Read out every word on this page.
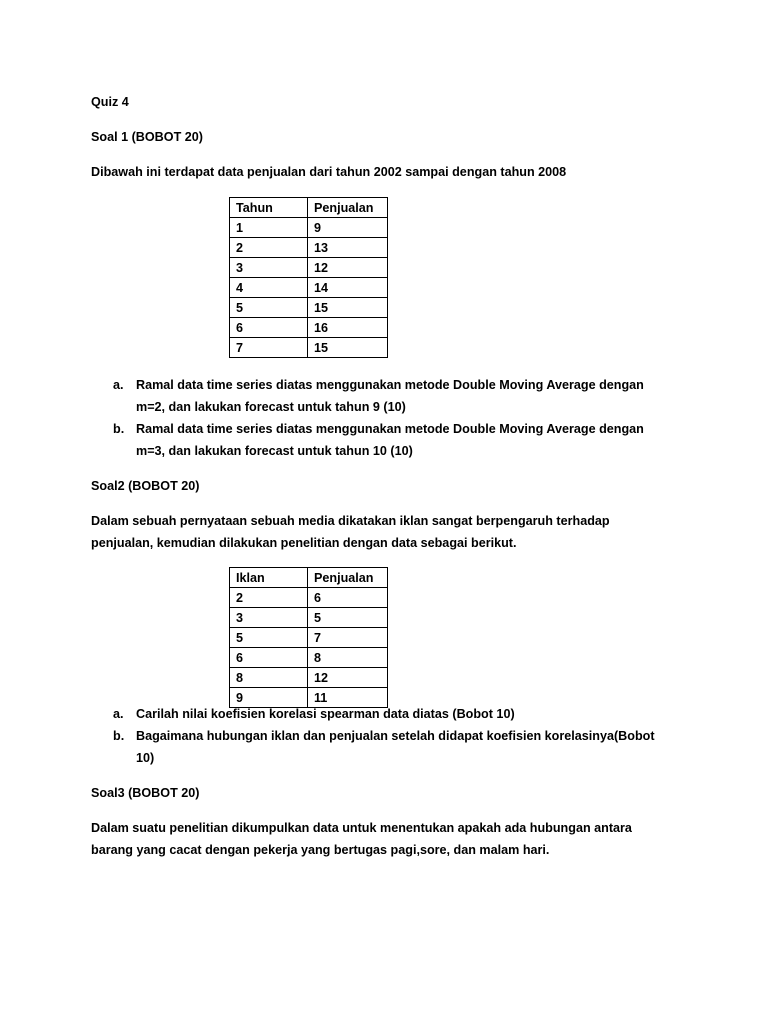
Quiz 4
Soal 1 (BOBOT 20)
Dibawah ini terdapat data penjualan dari tahun 2002 sampai dengan tahun 2008
Tahun	Penjualan
1	9
2	13
3	12
4	14
5	15
6	16
7	15
a. Ramal data time series diatas menggunakan metode Double Moving Average dengan
m=2, dan lakukan forecast untuk tahun 9 (10)
b. Ramal data time series diatas menggunakan metode Double Moving Average dengan
m=3, dan lakukan forecast untuk tahun 10 (10)
Soal2 (BOBOT 20)
Dalam sebuah pernyataan sebuah media dikatakan iklan sangat berpengaruh terhadap
penjualan, kemudian dilakukan penelitian dengan data sebagai berikut.
Iklan	Penjualan
2	6
3	5
5	7
6	8
8	12
9	11
a. Carilah nilai koefisien korelasi spearman data diatas (Bobot 10)
b. Bagaimana hubungan iklan dan penjualan setelah didapat koefisien korelasinya(Bobot
10)
Soal3 (BOBOT 20)
Dalam suatu penelitian dikumpulkan data untuk menentukan apakah ada hubungan antara
barang yang cacat dengan pekerja yang bertugas pagi,sore, dan malam hari.
